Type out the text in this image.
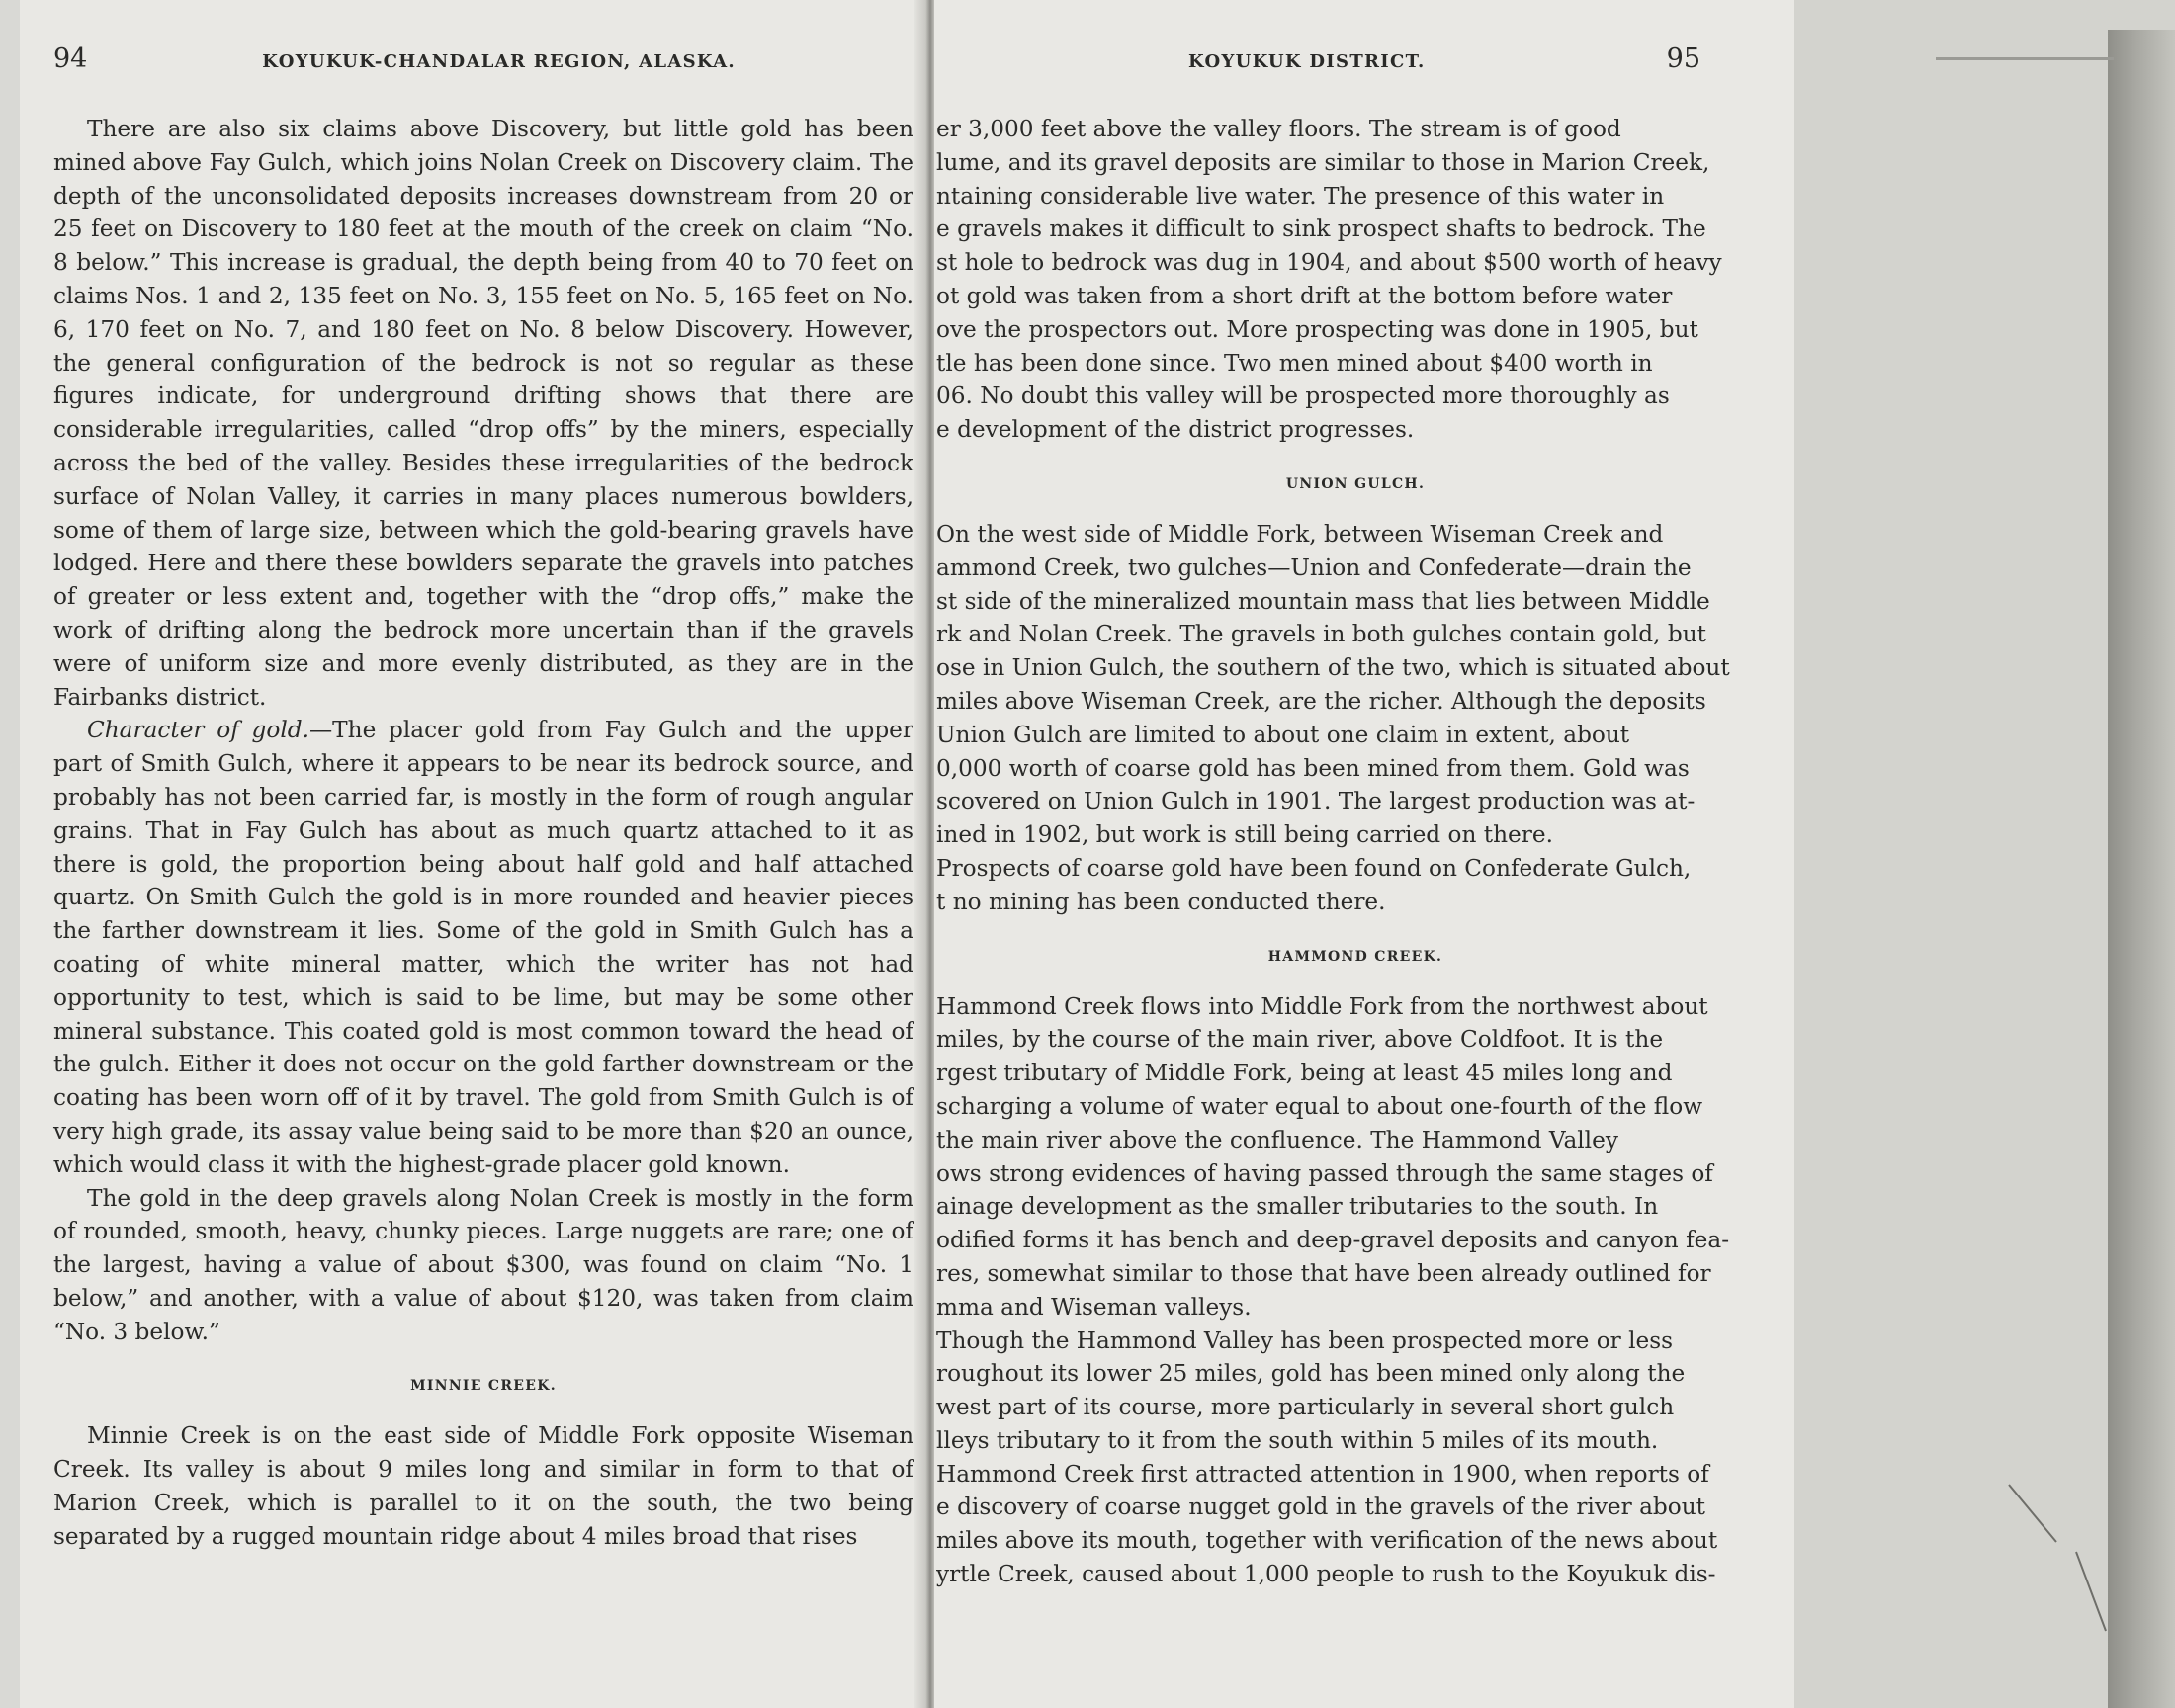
94	KOYUKUK-CHANDALAR REGION, ALASKA.

There are also six claims above Discovery, but little gold has been mined above Fay Gulch, which joins Nolan Creek on Discovery claim. The depth of the unconsolidated deposits increases downstream from 20 or 25 feet on Discovery to 180 feet at the mouth of the creek on claim “No. 8 below.” This increase is gradual, the depth being from 40 to 70 feet on claims Nos. 1 and 2, 135 feet on No. 3, 155 feet on No. 5, 165 feet on No. 6, 170 feet on No. 7, and 180 feet on No. 8 below Discovery. However, the general configuration of the bedrock is not so regular as these figures indicate, for underground drifting shows that there are considerable irregularities, called “drop offs” by the miners, especially across the bed of the valley. Besides these irregularities of the bedrock surface of Nolan Valley, it carries in many places numerous bowlders, some of them of large size, between which the gold-bearing gravels have lodged. Here and there these bowlders separate the gravels into patches of greater or less extent and, together with the “drop offs,” make the work of drifting along the bedrock more uncertain than if the gravels were of uniform size and more evenly distributed, as they are in the Fairbanks district.

Character of gold.—The placer gold from Fay Gulch and the upper part of Smith Gulch, where it appears to be near its bedrock source, and probably has not been carried far, is mostly in the form of rough angular grains. That in Fay Gulch has about as much quartz attached to it as there is gold, the proportion being about half gold and half attached quartz. On Smith Gulch the gold is in more rounded and heavier pieces the farther downstream it lies. Some of the gold in Smith Gulch has a coating of white mineral matter, which the writer has not had opportunity to test, which is said to be lime, but may be some other mineral substance. This coated gold is most common toward the head of the gulch. Either it does not occur on the gold farther downstream or the coating has been worn off of it by travel. The gold from Smith Gulch is of very high grade, its assay value being said to be more than $20 an ounce, which would class it with the highest-grade placer gold known.

The gold in the deep gravels along Nolan Creek is mostly in the form of rounded, smooth, heavy, chunky pieces. Large nuggets are rare; one of the largest, having a value of about $300, was found on claim “No. 1 below,” and another, with a value of about $120, was taken from claim “No. 3 below.”

MINNIE CREEK.

Minnie Creek is on the east side of Middle Fork opposite Wiseman Creek. Its valley is about 9 miles long and similar in form to that of Marion Creek, which is parallel to it on the south, the two being separated by a rugged mountain ridge about 4 miles broad that rises

KOYUKUK DISTRICT.	95

er 3,000 feet above the valley floors. The stream is of good

lume, and its gravel deposits are similar to those in Marion Creek,

ntaining considerable live water. The presence of this water in

e gravels makes it difficult to sink prospect shafts to bedrock. The

st hole to bedrock was dug in 1904, and about $500 worth of heavy

ot gold was taken from a short drift at the bottom before water

ove the prospectors out. More prospecting was done in 1905, but

tle has been done since. Two men mined about $400 worth in

06. No doubt this valley will be prospected more thoroughly as

e development of the district progresses.

UNION GULCH.

On the west side of Middle Fork, between Wiseman Creek and

ammond Creek, two gulches—Union and Confederate—drain the

st side of the mineralized mountain mass that lies between Middle

rk and Nolan Creek. The gravels in both gulches contain gold, but

ose in Union Gulch, the southern of the two, which is situated about

miles above Wiseman Creek, are the richer. Although the deposits

Union Gulch are limited to about one claim in extent, about

0,000 worth of coarse gold has been mined from them. Gold was

scovered on Union Gulch in 1901. The largest production was at-

ined in 1902, but work is still being carried on there.

Prospects of coarse gold have been found on Confederate Gulch,

t no mining has been conducted there.

HAMMOND CREEK.

Hammond Creek flows into Middle Fork from the northwest about

miles, by the course of the main river, above Coldfoot. It is the

rgest tributary of Middle Fork, being at least 45 miles long and

scharging a volume of water equal to about one-fourth of the flow

the main river above the confluence. The Hammond Valley

ows strong evidences of having passed through the same stages of

ainage development as the smaller tributaries to the south. In

odified forms it has bench and deep-gravel deposits and canyon fea-

res, somewhat similar to those that have been already outlined for

mma and Wiseman valleys.

Though the Hammond Valley has been prospected more or less

roughout its lower 25 miles, gold has been mined only along the

west part of its course, more particularly in several short gulch

lleys tributary to it from the south within 5 miles of its mouth.

Hammond Creek first attracted attention in 1900, when reports of

e discovery of coarse nugget gold in the gravels of the river about

miles above its mouth, together with verification of the news about

yrtle Creek, caused about 1,000 people to rush to the Koyukuk dis-
